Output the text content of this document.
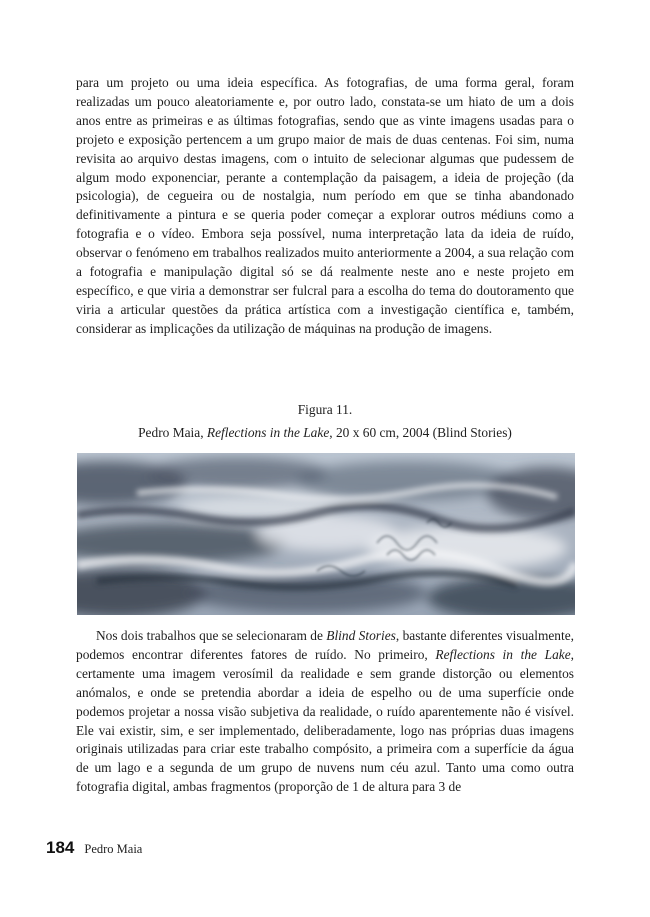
para um projeto ou uma ideia específica. As fotografias, de uma forma geral, foram realizadas um pouco aleatoriamente e, por outro lado, constata-se um hiato de um a dois anos entre as primeiras e as últimas fotografias, sendo que as vinte imagens usadas para o projeto e exposição pertencem a um grupo maior de mais de duas centenas. Foi sim, numa revisita ao arquivo destas imagens, com o intuito de selecionar algumas que pudessem de algum modo exponenciar, perante a contemplação da paisagem, a ideia de projeção (da psicologia), de cegueira ou de nostalgia, num período em que se tinha abandonado definitivamente a pintura e se queria poder começar a explorar outros médiuns como a fotografia e o vídeo. Embora seja possível, numa interpretação lata da ideia de ruído, observar o fenómeno em trabalhos realizados muito anteriormente a 2004, a sua relação com a fotografia e manipulação digital só se dá realmente neste ano e neste projeto em específico, e que viria a demonstrar ser fulcral para a escolha do tema do doutoramento que viria a articular questões da prática artística com a investigação científica e, também, considerar as implicações da utilização de máquinas na produção de imagens.

Figura 11.

Pedro Maia, Reflections in the Lake, 20 x 60 cm, 2004 (Blind Stories)

Nos dois trabalhos que se selecionaram de Blind Stories, bastante diferentes visualmente, podemos encontrar diferentes fatores de ruído. No primeiro, Reflections in the Lake, certamente uma imagem verosímil da realidade e sem grande distorção ou elementos anómalos, e onde se pretendia abordar a ideia de espelho ou de uma superfície onde podemos projetar a nossa visão subjetiva da realidade, o ruído aparentemente não é visível. Ele vai existir, sim, e ser implementado, deliberadamente, logo nas próprias duas imagens originais utilizadas para criar este trabalho compósito, a primeira com a superfície da água de um lago e a segunda de um grupo de nuvens num céu azul. Tanto uma como outra fotografia digital, ambas fragmentos (proporção de 1 de altura para 3 de

184 Pedro Maia
